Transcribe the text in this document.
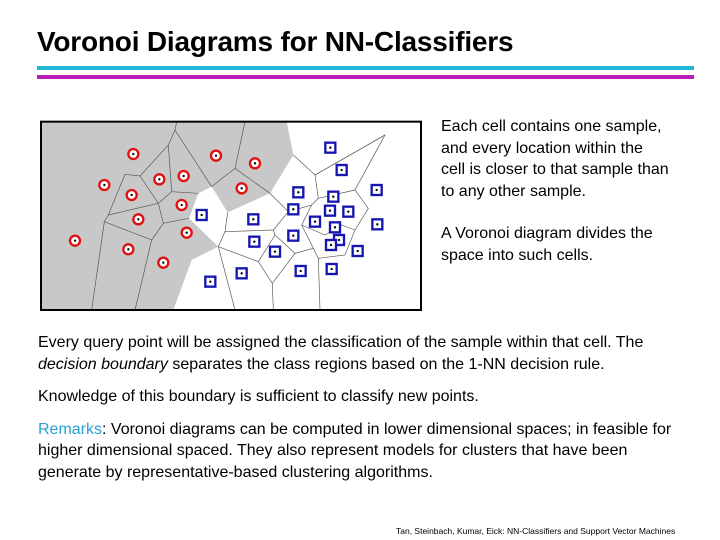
Voronoi Diagrams for NN-Classifiers

Each cell contains one sample, and every location within the cell is closer to that sample than to any other sample.

A Voronoi diagram divides the space into such cells.

Every query point will be assigned the classification of the sample within that cell. The decision boundary separates the class regions based on the 1-NN decision rule.

Knowledge of this boundary is sufficient to classify new points.

Remarks: Voronoi diagrams can be computed in lower dimensional spaces; in feasible for higher dimensional spaced. They also represent models for clusters that have been generate by representative-based clustering algorithms.

Tan, Steinbach, Kumar, Eick: NN-Classifiers and Support Vector Machines
